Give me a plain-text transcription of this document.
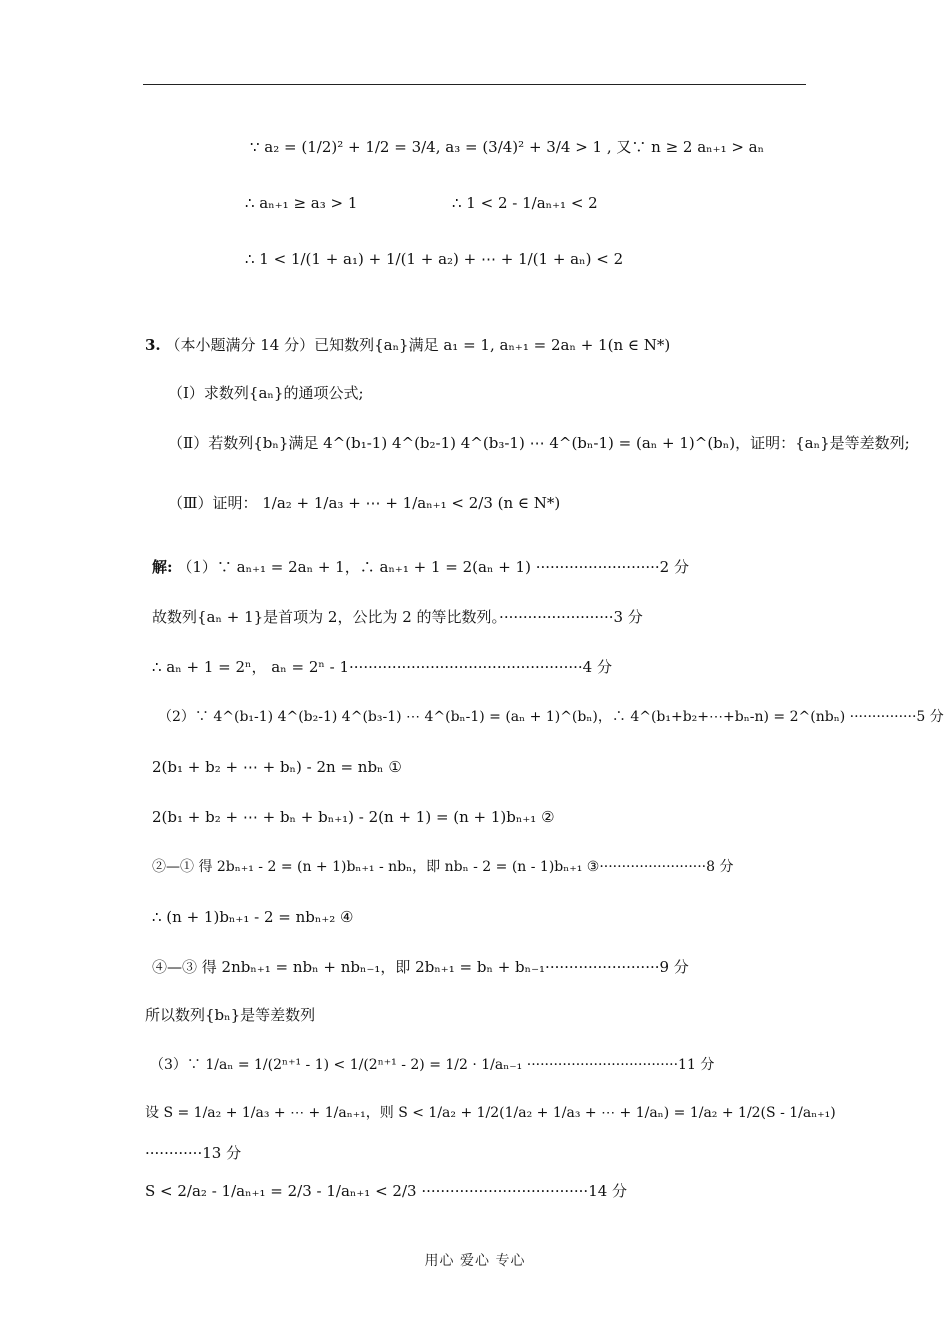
∵ a₂ = (1/2)² + 1/2 = 3/4, a₃ = (3/4)² + 3/4 > 1 , 又∵ n ≥ 2 aₙ₊₁ > aₙ
∴ aₙ₊₁ ≥ a₃ > 1	∴ 1 < 2 - 1/aₙ₊₁ < 2
∴ 1 < 1/(1 + a₁) + 1/(1 + a₂) + ⋯ + 1/(1 + aₙ) < 2
3. （本小题满分 14 分）已知数列{aₙ}满足 a₁ = 1, aₙ₊₁ = 2aₙ + 1(n ∈ N*)
（Ⅰ）求数列{aₙ}的通项公式;
（Ⅱ）若数列{bₙ}满足 4^(b₁-1) 4^(b₂-1) 4^(b₃-1) ⋯ 4^(bₙ-1) = (aₙ + 1)^(bₙ)，证明：{aₙ}是等差数列;
（Ⅲ）证明： 1/a₂ + 1/a₃ + ⋯ + 1/aₙ₊₁ < 2/3 (n ∈ N*)
解: （1）∵ aₙ₊₁ = 2aₙ + 1，∴ aₙ₊₁ + 1 = 2(aₙ + 1) ··························2 分
故数列{aₙ + 1}是首项为 2，公比为 2 的等比数列。························3 分
∴ aₙ + 1 = 2ⁿ， aₙ = 2ⁿ - 1·················································4 分
（2）∵ 4^(b₁-1) 4^(b₂-1) 4^(b₃-1) ⋯ 4^(bₙ-1) = (aₙ + 1)^(bₙ)，∴ 4^(b₁+b₂+⋯+bₙ-n) = 2^(nbₙ) ···············5 分
2(b₁ + b₂ + ⋯ + bₙ) - 2n = nbₙ ①
2(b₁ + b₂ + ⋯ + bₙ + bₙ₊₁) - 2(n + 1) = (n + 1)bₙ₊₁ ②
②—① 得 2bₙ₊₁ - 2 = (n + 1)bₙ₊₁ - nbₙ，即 nbₙ - 2 = (n - 1)bₙ₊₁ ③························8 分
∴ (n + 1)bₙ₊₁ - 2 = nbₙ₊₂ ④
④—③ 得 2nbₙ₊₁ = nbₙ + nbₙ₋₁，即 2bₙ₊₁ = bₙ + bₙ₋₁························9 分
所以数列{bₙ}是等差数列
（3）∵ 1/aₙ = 1/(2ⁿ⁺¹ - 1) < 1/(2ⁿ⁺¹ - 2) = 1/2 · 1/aₙ₋₁ ··································11 分
设 S = 1/a₂ + 1/a₃ + ⋯ + 1/aₙ₊₁，则 S < 1/a₂ + 1/2(1/a₂ + 1/a₃ + ⋯ + 1/aₙ) = 1/a₂ + 1/2(S - 1/aₙ₊₁)
············13 分
S < 2/a₂ - 1/aₙ₊₁ = 2/3 - 1/aₙ₊₁ < 2/3 ···································14 分
用心 爱心 专心
